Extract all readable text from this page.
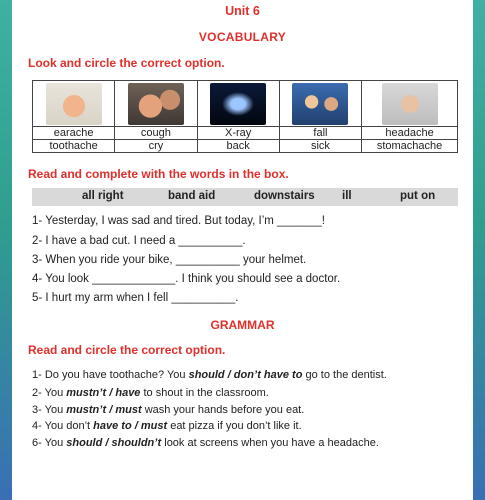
Unit 6
VOCABULARY
Look and circle the correct option.

earache	cough	X-ray	fall	headache
toothache	cry	back	sick	stomachache
Read and complete with the words in the box.
all right	band aid	downstairs ill	put on
1- Yesterday, I was sad and tired. But today, I’m _______!
2- I have a bad cut. I need a __________.
3- When you ride your bike, __________ your helmet.
4- You look _____________. I think you should see a doctor.
5- I hurt my arm when I fell __________.
GRAMMAR
Read and circle the correct option.
1- Do you have toothache? You should / don’t have to go to the dentist.
2- You mustn’t / have to shout in the classroom.
3- You mustn’t / must wash your hands before you eat.
4- You don’t have to / must eat pizza if you don’t like it.
6- You should / shouldn’t look at screens when you have a headache.
